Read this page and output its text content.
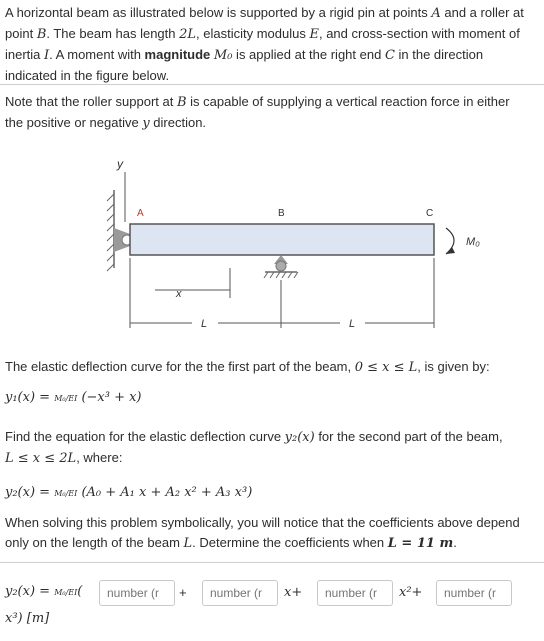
A horizontal beam as illustrated below is supported by a rigid pin at points A and a roller at
point B. The beam has length 2L, elasticity modulus E, and cross-section with moment of
inertia I. A moment with magnitude M₀ is applied at the right end C in the direction
indicated in the figure below.
Note that the roller support at B is capable of supplying a vertical reaction force in either
the positive or negative y direction.
y
A	B	C
M₀
x
L	L
The elastic deflection curve for the the first part of the beam, 0 ≤ x ≤ L, is given by:
y₁(x) = M₀/EI (−x³ + x)
Find the equation for the elastic deflection curve y₂(x) for the second part of the beam,
L ≤ x ≤ 2L, where:
y₂(x) = M₀/EI (A₀ + A₁ x + A₂ x² + A₃ x³)
When solving this problem symbolically, you will notice that the coefficients above depend
only on the length of the beam L. Determine the coefficients when L = 11 m.
y₂(x) = M₀/EI(
number (r	+
number (r	x+
number (r	x²+
number (r
x³) [m]
